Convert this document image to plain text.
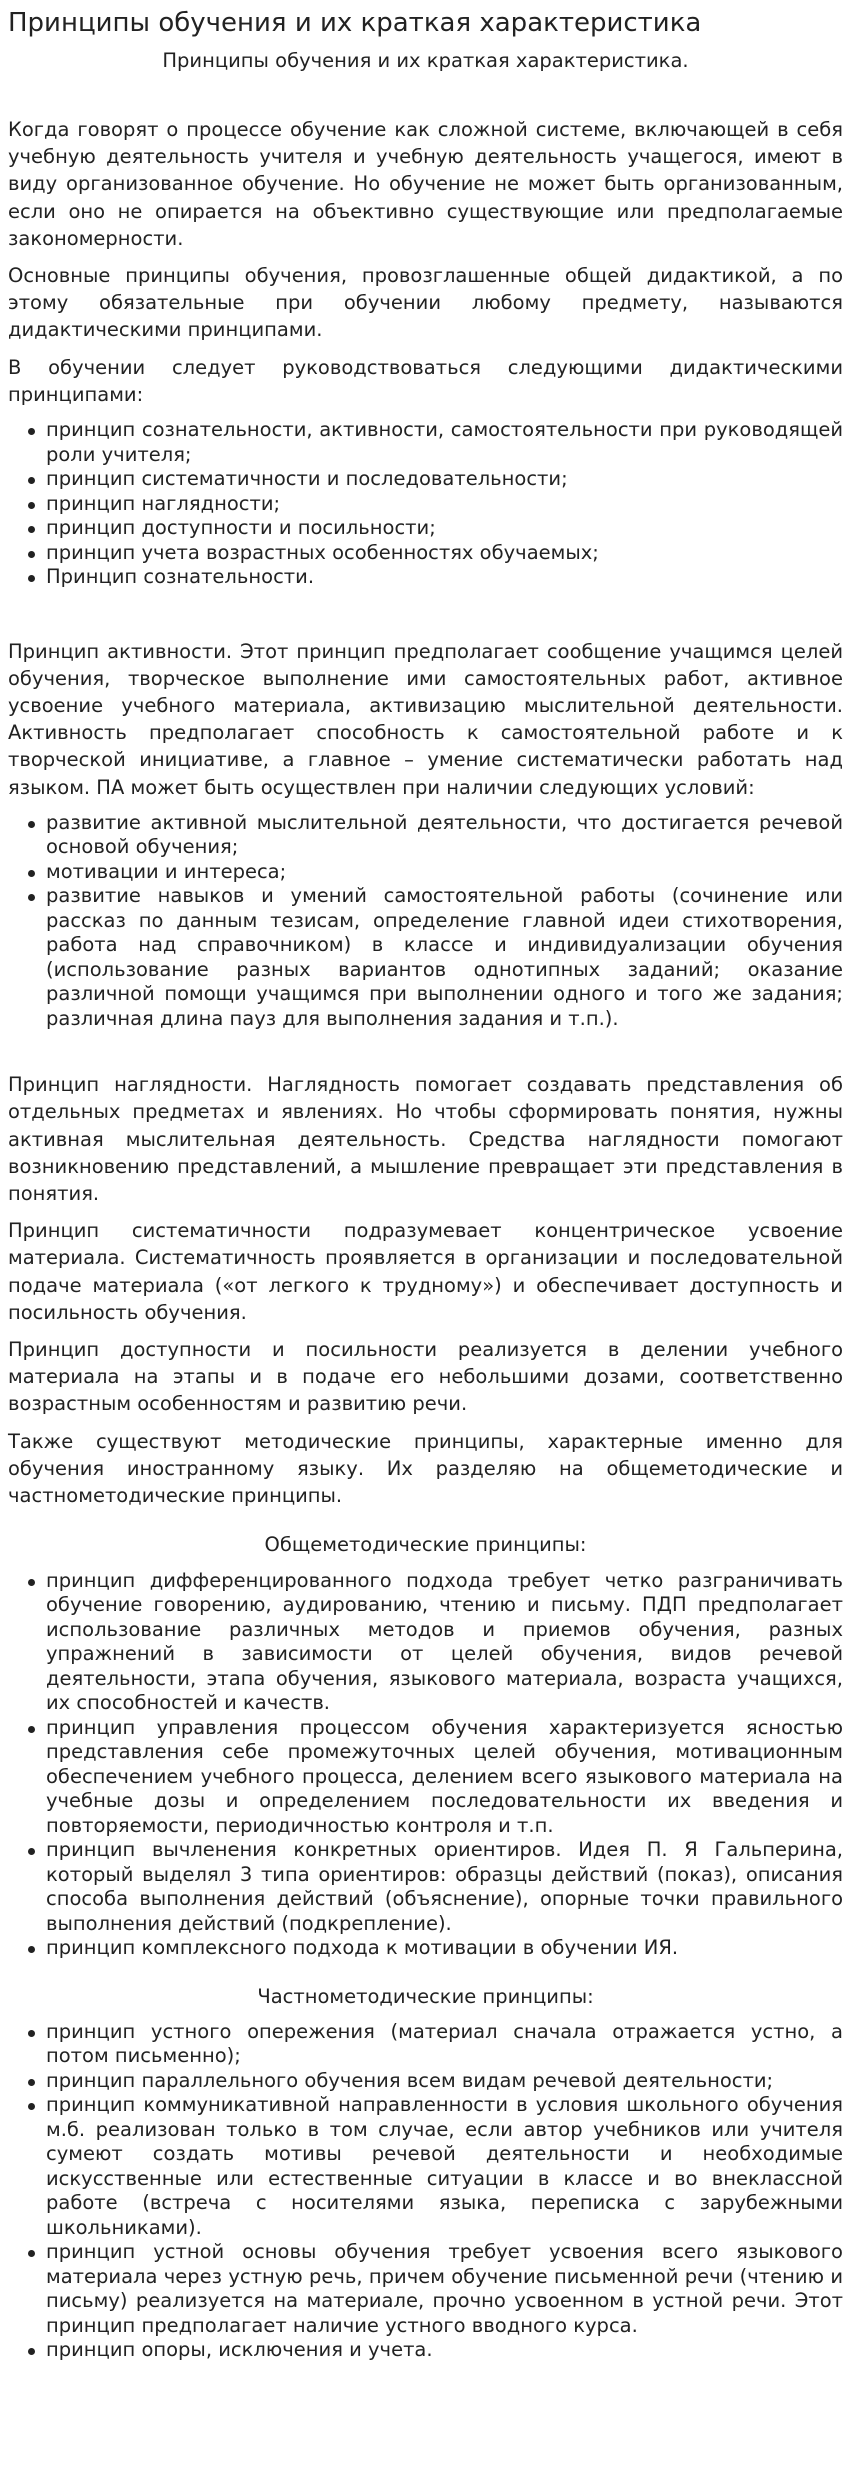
Принципы обучения и их краткая характеристика
Принципы обучения и их краткая характеристика.
Когда говорят о процессе обучение как сложной системе, включающей в себя учебную деятельность учителя и учебную деятельность учащегося, имеют в виду организованное обучение. Но обучение не может быть организованным, если оно не опирается на объективно существующие или предполагаемые закономерности.
Основные принципы обучения, провозглашенные общей дидактикой, а по этому обязательные при обучении любому предмету, называются дидактическими принципами.
В обучении следует руководствоваться следующими дидактическими принципами:
принцип сознательности, активности, самостоятельности при руководящей роли учителя;
принцип систематичности и последовательности;
принцип наглядности;
принцип доступности и посильности;
принцип учета возрастных особенностях обучаемых;
Принцип сознательности.
Принцип активности. Этот принцип предполагает сообщение учащимся целей обучения, творческое выполнение ими самостоятельных работ, активное усвоение учебного материала, активизацию мыслительной деятельности. Активность предполагает способность к самостоятельной работе и к творческой инициативе, а главное – умение систематически работать над языком. ПА может быть осуществлен при наличии следующих условий:
развитие активной мыслительной деятельности, что достигается речевой основой обучения;
мотивации и интереса;
развитие навыков и умений самостоятельной работы (сочинение или рассказ по данным тезисам, определение главной идеи стихотворения, работа над справочником) в классе и индивидуализации обучения (использование разных вариантов однотипных заданий; оказание различной помощи учащимся при выполнении одного и того же задания; различная длина пауз для выполнения задания и т.п.).
Принцип наглядности. Наглядность помогает создавать представления об отдельных предметах и явлениях. Но чтобы сформировать понятия, нужны активная мыслительная деятельность. Средства наглядности помогают возникновению представлений, а мышление превращает эти представления в понятия.
Принцип систематичности подразумевает концентрическое усвоение материала. Систематичность проявляется в организации и последовательной подаче материала («от легкого к трудному») и обеспечивает доступность и посильность обучения.
Принцип доступности и посильности реализуется в делении учебного материала на этапы и в подаче его небольшими дозами, соответственно возрастным особенностям и развитию речи.
Также существуют методические принципы, характерные именно для обучения иностранному языку. Их разделяю на общеметодические и частнометодические принципы.
Общеметодические принципы:
принцип дифференцированного подхода требует четко разграничивать обучение говорению, аудированию, чтению и письму. ПДП предполагает использование различных методов и приемов обучения, разных упражнений в зависимости от целей обучения, видов речевой деятельности, этапа обучения, языкового материала, возраста учащихся, их способностей и качеств.
принцип управления процессом обучения характеризуется ясностью представления себе промежуточных целей обучения, мотивационным обеспечением учебного процесса, делением всего языкового материала на учебные дозы и определением последовательности их введения и повторяемости, периодичностью контроля и т.п.
принцип вычленения конкретных ориентиров. Идея П. Я Гальперина, который выделял 3 типа ориентиров: образцы действий (показ), описания способа выполнения действий (объяснение), опорные точки правильного выполнения действий (подкрепление).
принцип комплексного подхода к мотивации в обучении ИЯ.
Частнометодические принципы:
принцип устного опережения (материал сначала отражается устно, а потом письменно);
принцип параллельного обучения всем видам речевой деятельности;
принцип коммуникативной направленности в условия школьного обучения м.б. реализован только в том случае, если автор учебников или учителя сумеют создать мотивы речевой деятельности и необходимые искусственные или естественные ситуации в классе и во внеклассной работе (встреча с носителями языка, переписка с зарубежными школьниками).
принцип устной основы обучения требует усвоения всего языкового материала через устную речь, причем обучение письменной речи (чтению и письму) реализуется на материале, прочно усвоенном в устной речи. Этот принцип предполагает наличие устного вводного курса.
принцип опоры, исключения и учета.
